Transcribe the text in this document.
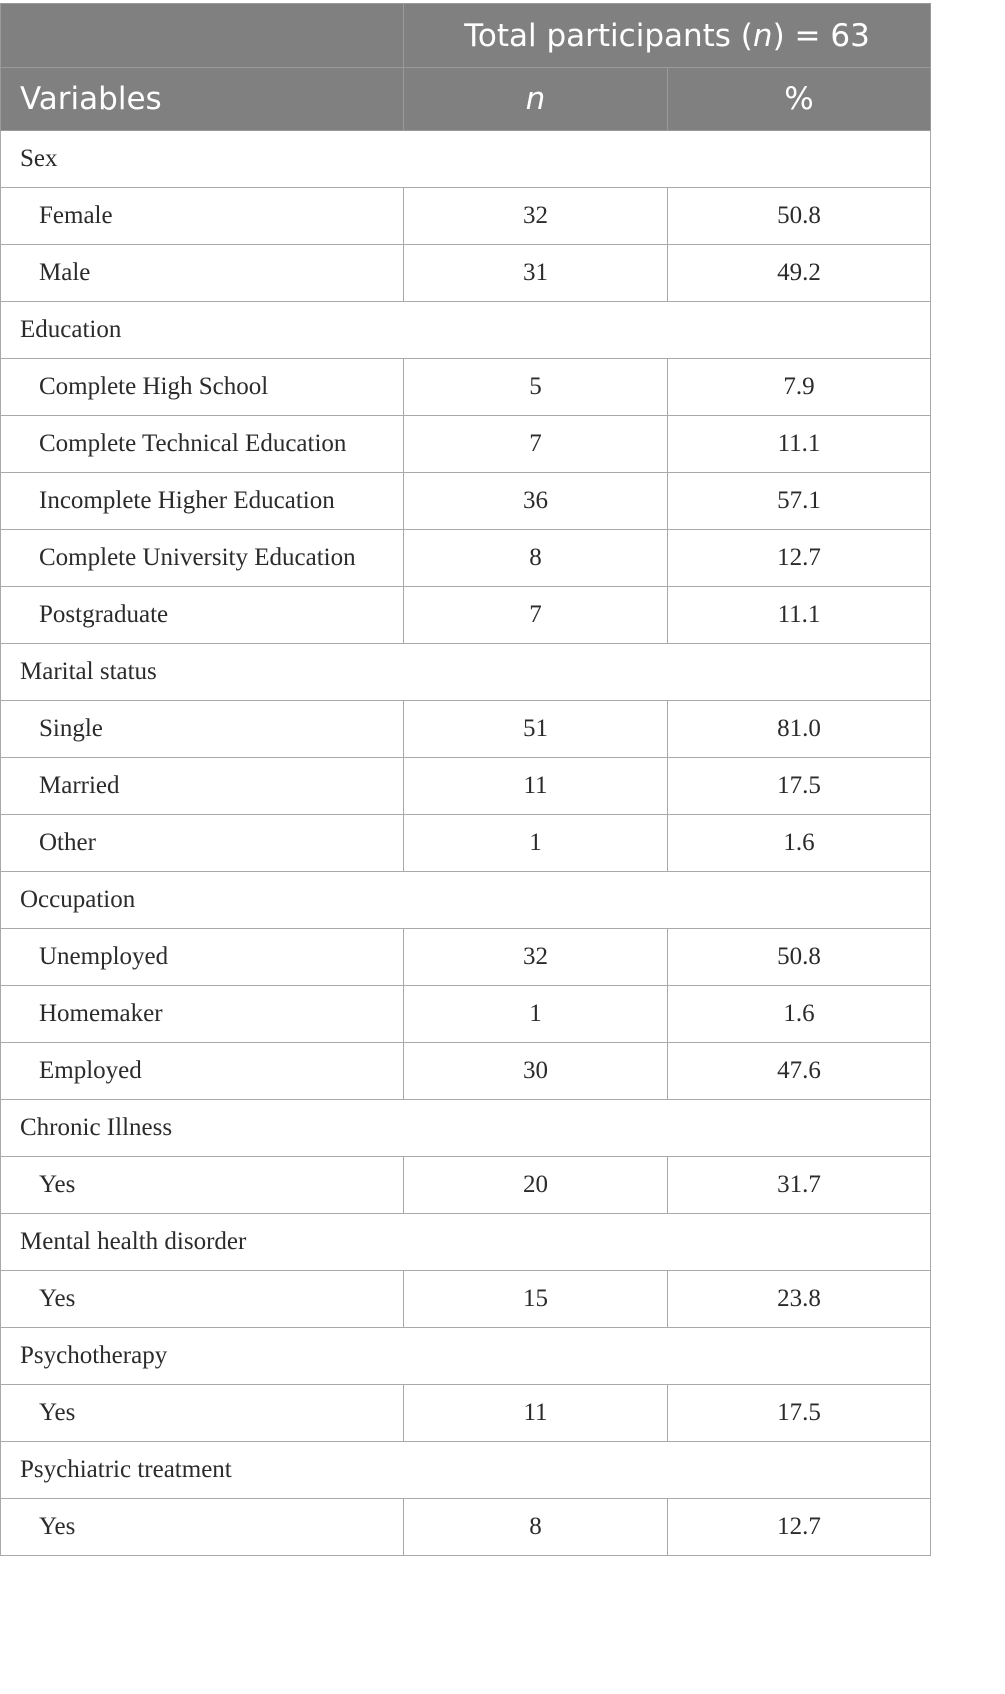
	Total participants (n) = 63	
Variables	n	%
Sex		
Female	32	50.8
Male	31	49.2
Education		
Complete High School	5	7.9
Complete Technical Education	7	11.1
Incomplete Higher Education	36	57.1
Complete University Education	8	12.7
Postgraduate	7	11.1
Marital status		
Single	51	81.0
Married	11	17.5
Other	1	1.6
Occupation		
Unemployed	32	50.8
Homemaker	1	1.6
Employed	30	47.6
Chronic Illness		
Yes	20	31.7
Mental health disorder		
Yes	15	23.8
Psychotherapy		
Yes	11	17.5
Psychiatric treatment		
Yes	8	12.7
